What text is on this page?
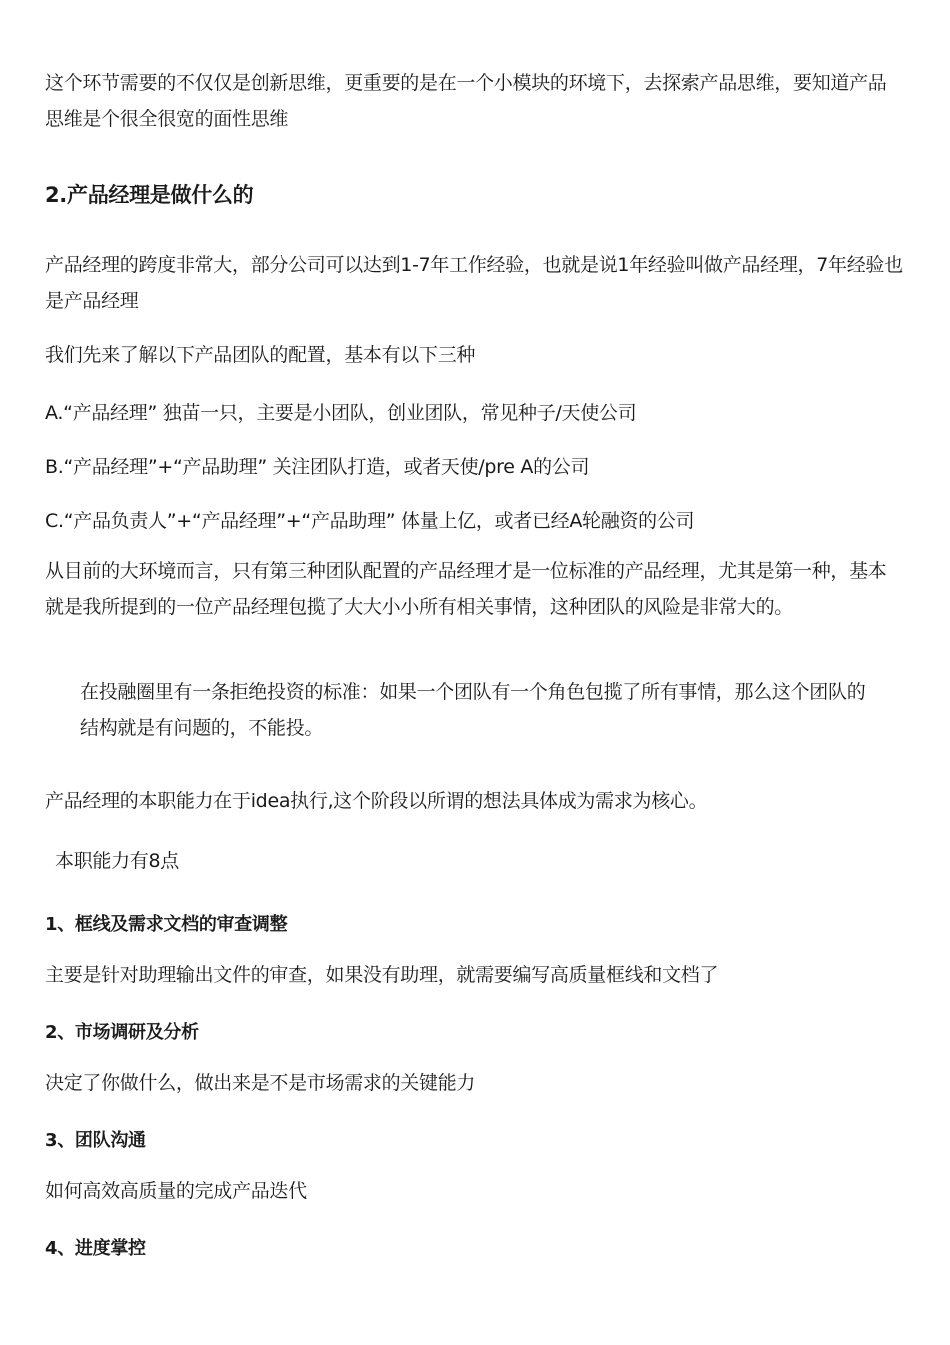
这个环节需要的不仅仅是创新思维，更重要的是在一个小模块的环境下，去探索产品思维，要知道产品思维是个很全很宽的面性思维

2.产品经理是做什么的

产品经理的跨度非常大，部分公司可以达到1-7年工作经验，也就是说1年经验叫做产品经理，7年经验也是产品经理

我们先来了解以下产品团队的配置，基本有以下三种

A.“产品经理” 独苗一只，主要是小团队，创业团队，常见种子/天使公司

B.“产品经理”+“产品助理” 关注团队打造，或者天使/pre A的公司

C.“产品负责人”+“产品经理”+“产品助理” 体量上亿，或者已经A轮融资的公司

从目前的大环境而言，只有第三种团队配置的产品经理才是一位标准的产品经理，尤其是第一种，基本就是我所提到的一位产品经理包揽了大大小小所有相关事情，这种团队的风险是非常大的。

在投融圈里有一条拒绝投资的标准：如果一个团队有一个角色包揽了所有事情，那么这个团队的结构就是有问题的，不能投。

产品经理的本职能力在于idea执行,这个阶段以所谓的想法具体成为需求为核心。

本职能力有8点

1、框线及需求文档的审查调整

主要是针对助理输出文件的审查，如果没有助理，就需要编写高质量框线和文档了

2、市场调研及分析

决定了你做什么，做出来是不是市场需求的关键能力

3、团队沟通

如何高效高质量的完成产品迭代

4、进度掌控
